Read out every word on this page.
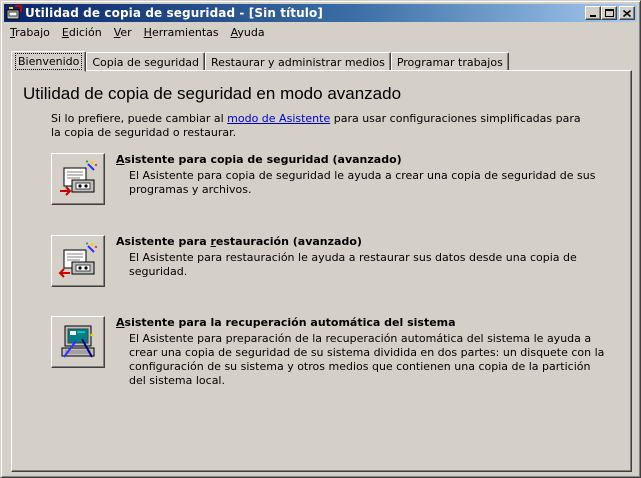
Utilidad de copia de seguridad - [Sin título]
Trabajo	Edición	Ver	Herramientas	Ayuda
Bienvenido Copia de seguridad Restaurar y administrar medios Programar trabajos
Utilidad de copia de seguridad en modo avanzado
Si lo prefiere, puede cambiar al modo de Asistente para usar configuraciones simplificadas para la copia de seguridad o restaurar.
Asistente para copia de seguridad (avanzado)
El Asistente para copia de seguridad le ayuda a crear una copia de seguridad de sus programas y archivos.
Asistente para restauración (avanzado)
El Asistente para restauración le ayuda a restaurar sus datos desde una copia de seguridad.
Asistente para la recuperación automática del sistema
El Asistente para preparación de la recuperación automática del sistema le ayuda a crear una copia de seguridad de su sistema dividida en dos partes: un disquete con la configuración de su sistema y otros medios que contienen una copia de la partición del sistema local.
